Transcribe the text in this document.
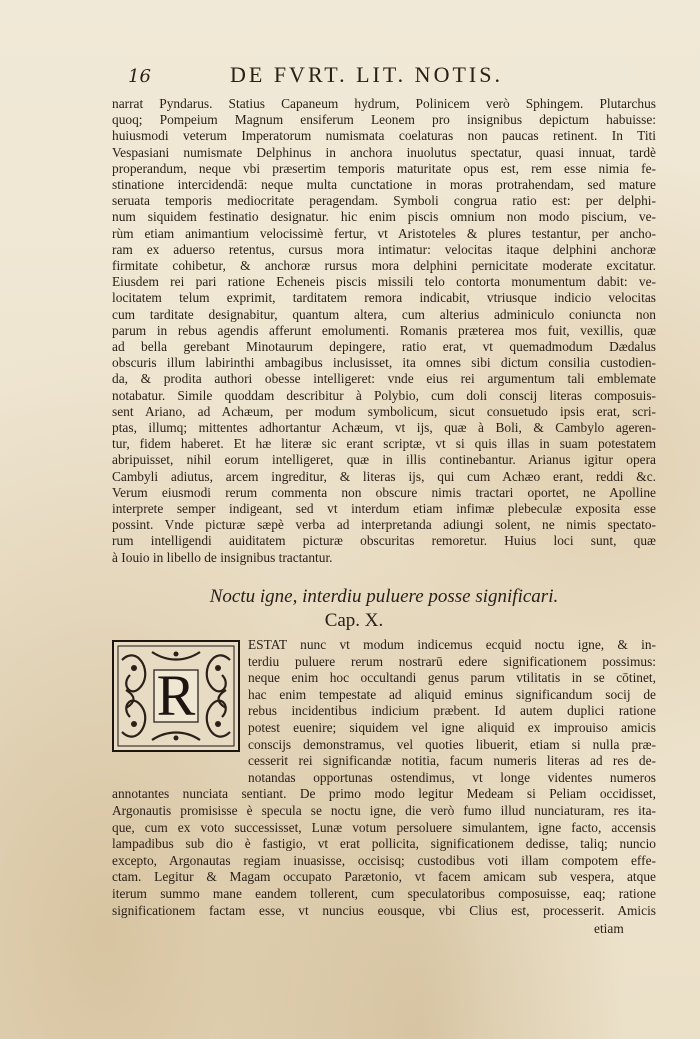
16	DE FVRT. LIT. NOTIS.
narrat Pyndarus. Statius Capaneum hydrum, Polinicem verò Sphingem. Plutarchus
quoq; Pompeium Magnum ensiferum Leonem pro insignibus depictum habuisse:
huiusmodi veterum Imperatorum numismata coelaturas non paucas retinent. In Titi
Vespasiani numismate Delphinus in anchora inuolutus spectatur, quasi innuat, tardè
properandum, neque vbi præsertim temporis maturitate opus est, rem esse nimia fe-
stinatione intercidendā: neque multa cunctatione in moras protrahendam, sed mature
seruata temporis mediocritate peragendam. Symboli congrua ratio est: per delphi-
num siquidem festinatio designatur. hic enim piscis omnium non modo piscium, ve-
rùm etiam animantium velocissimè fertur, vt Aristoteles & plures testantur, per ancho-
ram ex aduerso retentus, cursus mora intimatur: velocitas itaque delphini anchoræ
firmitate cohibetur, & anchoræ rursus mora delphini pernicitate moderate excitatur.
Eiusdem rei pari ratione Echeneis piscis missili telo contorta monumentum dabit: ve-
locitatem telum exprimit, tarditatem remora indicabit, vtriusque indicio velocitas
cum tarditate designabitur, quantum altera, cum alterius adminiculo coniuncta non
parum in rebus agendis afferunt emolumenti. Romanis præterea mos fuit, vexillis, quæ
ad bella gerebant Minotaurum depingere, ratio erat, vt quemadmodum Dædalus
obscuris illum labirinthi ambagibus inclusisset, ita omnes sibi dictum consilia custodien-
da, & prodita authori obesse intelligeret: vnde eius rei argumentum tali emblemate
notabatur. Simile quoddam describitur à Polybio, cum doli conscij literas composuis-
sent Ariano, ad Achæum, per modum symbolicum, sicut consuetudo ipsis erat, scri-
ptas, illumq; mittentes adhortantur Achæum, vt ijs, quæ à Boli, & Cambylo ageren-
tur, fidem haberet. Et hæ literæ sic erant scriptæ, vt si quis illas in suam potestatem
abripuisset, nihil eorum intelligeret, quæ in illis continebantur. Arianus igitur opera
Cambyli adiutus, arcem ingreditur, & literas ijs, qui cum Achæo erant, reddi &c.
Verum eiusmodi rerum commenta non obscure nimis tractari oportet, ne Apolline
interprete semper indigeant, sed vt interdum etiam infimæ plebeculæ exposita esse
possint. Vnde picturæ sæpè verba ad interpretanda adiungi solent, ne nimis spectato-
rum intelligendi auiditatem picturæ obscuritas remoretur. Huius loci sunt, quæ
à Iouio in libello de insignibus tractantur.
Noctu igne, interdiu puluere posse significari.
Cap. X.
R
ESTAT nunc vt modum indicemus ecquid noctu igne, & in-
terdiu puluere rerum nostrarū edere significationem possimus:
neque enim hoc occultandi genus parum vtilitatis in se cōtinet,
hac enim tempestate ad aliquid eminus significandum socij de
rebus incidentibus indicium præbent. Id autem duplici ratione
potest euenire; siquidem vel igne aliquid ex improuiso amicis
conscijs demonstramus, vel quoties libuerit, etiam si nulla præ-
cesserit rei significandæ notitia, facum numeris literas ad res de-
notandas opportunas ostendimus, vt longe videntes numeros
annotantes nunciata sentiant. De primo modo legitur Medeam si Peliam occidisset,
Argonautis promisisse è specula se noctu igne, die verò fumo illud nunciaturam, res ita-
que, cum ex voto successisset, Lunæ votum persoluere simulantem, igne facto, accensis
lampadibus sub dio è fastigio, vt erat pollicita, significationem dedisse, taliq; nuncio
excepto, Argonautas regiam inuasisse, occisisq; custodibus voti illam compotem effe-
ctam. Legitur & Magam occupato Parætonio, vt facem amicam sub vespera, atque
iterum summo mane eandem tollerent, cum speculatoribus composuisse, eaq; ratione
significationem factam esse, vt nuncius eousque, vbi Clius est, processerit. Amicis
etiam
